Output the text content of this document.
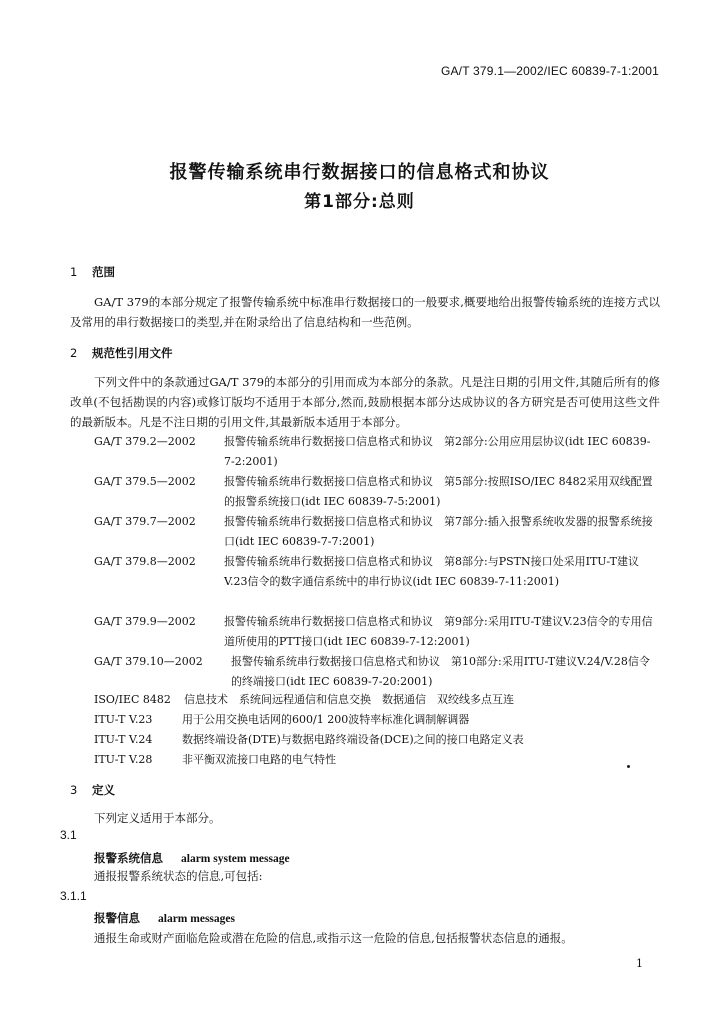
GA/T 379.1—2002/IEC 60839-7-1:2001
报警传输系统串行数据接口的信息格式和协议
第1部分:总则
1 范围
GA/T 379的本部分规定了报警传输系统中标准串行数据接口的一般要求,概要地给出报警传输系统的连接方式以及常用的串行数据接口的类型,并在附录给出了信息结构和一些范例。
2 规范性引用文件
下列文件中的条款通过GA/T 379的本部分的引用而成为本部分的条款。凡是注日期的引用文件,其随后所有的修改单(不包括勘误的内容)或修订版均不适用于本部分,然而,鼓励根据本部分达成协议的各方研究是否可使用这些文件的最新版本。凡是不注日期的引用文件,其最新版本适用于本部分。
GA/T 379.2—2002	报警传输系统串行数据接口信息格式和协议　第2部分:公用应用层协议(idt IEC 60839-7-2:2001)
GA/T 379.5—2002	报警传输系统串行数据接口信息格式和协议　第5部分:按照ISO/IEC 8482采用双线配置的报警系统接口(idt IEC 60839-7-5:2001)
GA/T 379.7—2002	报警传输系统串行数据接口信息格式和协议　第7部分:插入报警系统收发器的报警系统接口(idt IEC 60839-7-7:2001)
GA/T 379.8—2002	报警传输系统串行数据接口信息格式和协议　第8部分:与PSTN接口处采用ITU-T建议V.23信令的数字通信系统中的串行协议(idt IEC 60839-7-11:2001)
GA/T 379.9—2002	报警传输系统串行数据接口信息格式和协议　第9部分:采用ITU-T建议V.23信令的专用信道所使用的PTT接口(idt IEC 60839-7-12:2001)
GA/T 379.10—2002	报警传输系统串行数据接口信息格式和协议　第10部分:采用ITU-T建议V.24/V.28信令的终端接口(idt IEC 60839-7-20:2001)
ISO/IEC 8482 信息技术　系统间远程通信和信息交换　数据通信　双绞线多点互连
ITU-T V.23	用于公用交换电话网的600/1 200波特率标准化调制解调器
ITU-T V.24	数据终端设备(DTE)与数据电路终端设备(DCE)之间的接口电路定义表
ITU-T V.28	非平衡双流接口电路的电气特性
3 定义
下列定义适用于本部分。
3.1
报警系统信息 alarm system message
通报报警系统状态的信息,可包括:
3.1.1
报警信息 alarm messages
通报生命或财产面临危险或潜在危险的信息,或指示这一危险的信息,包括报警状态信息的通报。
1
